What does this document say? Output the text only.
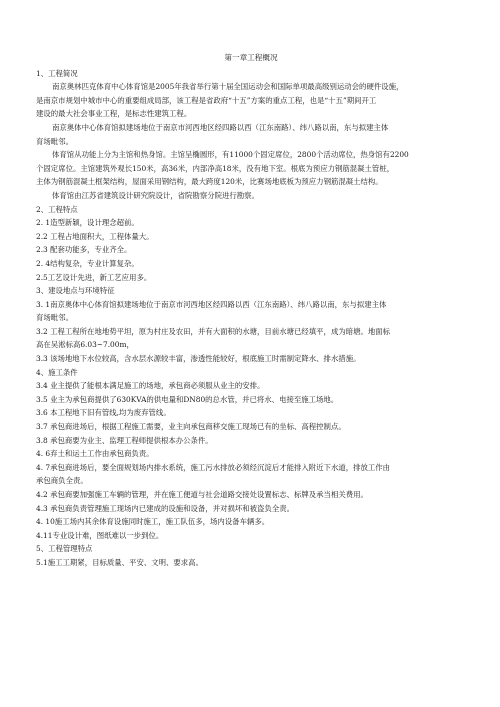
第一章工程概况
1、工程简况
南京奥林匹克体育中心体育馆是2005年我省举行第十届全国运动会和国际单项最高级别运动会的硬件设施，
是南京市规划中城市中心的重要组成局部，该工程是省政府“十五”方案的重点工程，也是“十五”期间开工
建设的最大社会事业工程，是标志性建筑工程。
南京奥体中心体育馆拟建场地位于南京市河西地区经四路以西（江东南路）、纬八路以南，东与拟建主体
育场毗邻。
体育馆从功能上分为主馆和热身馆。主馆呈椭圆形，有11000个固定席位，2800个活动席位，热身馆有2200
个固定席位。主馆建筑外观长150米，高36米，内部净高18米，没有地下室。根底为预应力钢筋混凝土管桩，
主体为钢筋混凝土框架结构，屋面采用钢结构，最大跨度120米，比赛场地底板为预应力钢筋混凝土结构。
体育馆由江苏省建筑设计研究院设计，省院勘察分院进行勘察。
2、工程特点
2. 1造型新颖，设计理念超前。
2.2 工程占地面积大，工程体量大。
2.3 配套功能多，专业齐全。
2. 4结构复杂，专业计算复杂。
2.5工艺设计先进，新工艺应用多。
3、建设地点与环境特征
3. 1南京奥体中心体育馆拟建场地位于南京市河西地区经四路以西（江东南路）、纬八路以南，东与拟建主体
育场毗邻。
3.2 工程工程所在地地势平坦，原为村庄及农田，并有大面积的水塘，目前水塘已经填平，成为暗塘。地面标
高在吴淞标高6.03~7.00m，
3.3 该场地地下水位较高，含水层水源较丰富，渗透性能较好，根底施工时需制定降水、排水措施。
4、施工条件
3.4 业主提供了能根本满足施工的场地，承包商必须服从业主的安排。
3.5 业主为承包商提供了630KVA的供电量和DN80的总水管，并已将水、电接至施工场地。
3.6 本工程地下旧有管线,均为废弃管线。
3.7 承包商进场后，根据工程施工需要，业主向承包商移交施工现场已有的坐标、高程控制点。
3.8 承包商要为业主、监理工程师提供根本办公条件。
4. 6弃土和运土工作由承包商负责。
4. 7承包商进场后，要全面规划场内排水系统，施工污水排放必须经沉淀后才能排入附近下水道，排放工作由
承包商负全责。
4.2 承包商要加强施工车辆的管理，并在施工便道与社会道路交接处设置标志、标牌及承当相关费用。
4.3 承包商负责管理施工现场内已建成的设施和设备，并对损坏和被盗负全责。
4. 10施工场内其余体育设施同时施工，施工队伍多，场内设备车辆多。
4.11专业设计难，图纸难以一步到位。
5、工程管理特点
5.1施工工期紧，目标质量、平安、文明、要求高。
